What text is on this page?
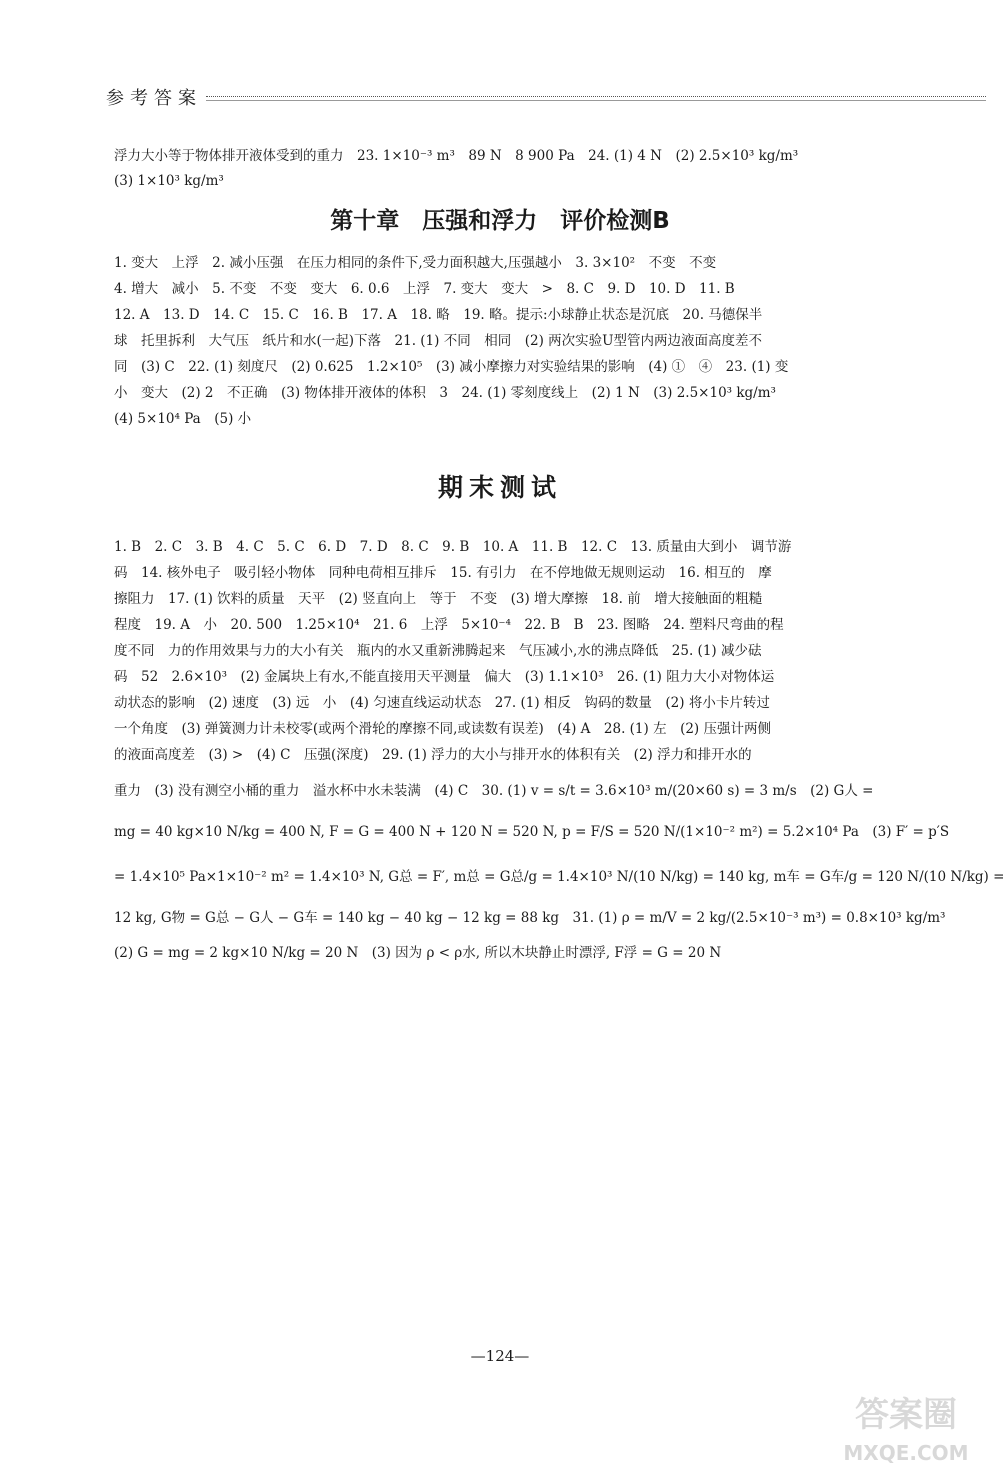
参考答案
浮力大小等于物体排开液体受到的重力　23. 1×10⁻³ m³　89 N　8 900 Pa　24. (1) 4 N　(2) 2.5×10³ kg/m³
(3) 1×10³ kg/m³
第十章　压强和浮力　评价检测B
1. 变大　上浮　2. 减小压强　在压力相同的条件下,受力面积越大,压强越小　3. 3×10²　不变　不变
4. 增大　减小　5. 不变　不变　变大　6. 0.6　上浮　7. 变大　变大　>　8. C　9. D　10. D　11. B
12. A　13. D　14. C　15. C　16. B　17. A　18. 略　19. 略。提示:小球静止状态是沉底　20. 马德保半
球　托里拆利　大气压　纸片和水(一起)下落　21. (1) 不同　相同　(2) 两次实验U型管内两边液面高度差不
同　(3) C　22. (1) 刻度尺　(2) 0.625　1.2×10⁵　(3) 减小摩擦力对实验结果的影响　(4) ①　④　23. (1) 变
小　变大　(2) 2　不正确　(3) 物体排开液体的体积　3　24. (1) 零刻度线上　(2) 1 N　(3) 2.5×10³ kg/m³
(4) 5×10⁴ Pa　(5) 小
期末测试
1. B　2. C　3. B　4. C　5. C　6. D　7. D　8. C　9. B　10. A　11. B　12. C　13. 质量由大到小　调节游
码　14. 核外电子　吸引轻小物体　同种电荷相互排斥　15. 有引力　在不停地做无规则运动　16. 相互的　摩
擦阻力　17. (1) 饮料的质量　天平　(2) 竖直向上　等于　不变　(3) 增大摩擦　18. 前　增大接触面的粗糙
程度　19. A　小　20. 500　1.25×10⁴　21. 6　上浮　5×10⁻⁴　22. B　B　23. 图略　24. 塑料尺弯曲的程
度不同　力的作用效果与力的大小有关　瓶内的水又重新沸腾起来　气压减小,水的沸点降低　25. (1) 减少砝
码　52　2.6×10³　(2) 金属块上有水,不能直接用天平测量　偏大　(3) 1.1×10³　26. (1) 阻力大小对物体运
动状态的影响　(2) 速度　(3) 远　小　(4) 匀速直线运动状态　27. (1) 相反　钩码的数量　(2) 将小卡片转过
一个角度　(3) 弹簧测力计未校零(或两个滑轮的摩擦不同,或读数有误差)　(4) A　28. (1) 左　(2) 压强计两侧
的液面高度差　(3) >　(4) C　压强(深度)　29. (1) 浮力的大小与排开水的体积有关　(2) 浮力和排开水的
重力　(3) 没有测空小桶的重力　溢水杯中水未装满　(4) C　30. (1) v = s/t = 3.6×10³ m/(20×60 s) = 3 m/s　(2) G人 =
mg = 40 kg×10 N/kg = 400 N, F = G = 400 N + 120 N = 520 N, p = F/S = 520 N/(1×10⁻² m²) = 5.2×10⁴ Pa　(3) F′ = p′S
= 1.4×10⁵ Pa×1×10⁻² m² = 1.4×10³ N, G总 = F′, m总 = G总/g = 1.4×10³ N/(10 N/kg) = 140 kg, m车 = G车/g = 120 N/(10 N/kg) =
12 kg, G物 = G总 − G人 − G车 = 140 kg − 40 kg − 12 kg = 88 kg　31. (1) ρ = m/V = 2 kg/(2.5×10⁻³ m³) = 0.8×10³ kg/m³
(2) G = mg = 2 kg×10 N/kg = 20 N　(3) 因为 ρ < ρ水, 所以木块静止时漂浮, F浮 = G = 20 N
—124—
答案圈
MXQE.COM
